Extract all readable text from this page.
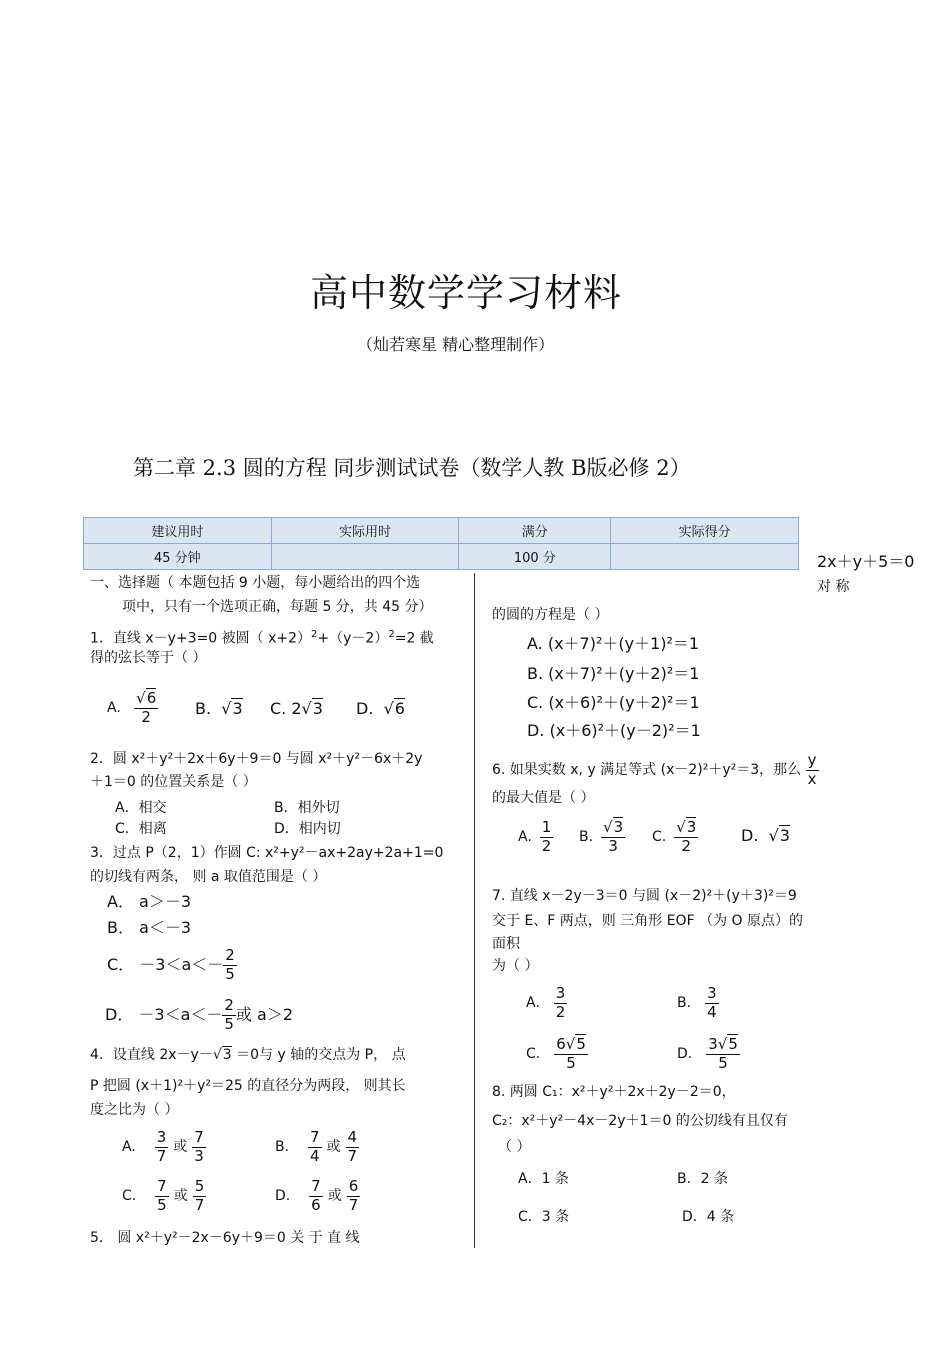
高中数学学习材料
（灿若寒星 精心整理制作）
第二章 2.3 圆的方程 同步测试试卷（数学人教 B版必修 2）
建议用时	实际用时	满分	实际得分
45 分钟		100 分	
一、选择题（ 本题包括 9 小题，每小题给出的四个选
项中，只有一个选项正确，每题 5 分，共 45 分）
1．直线 x－y+3=0 被圆（ $x+2)^2+(y-2)^2=2$ 截
得的弦长等于（ ）
A.
$\frac{√6}{2} B$.  √3 C. 2√3 D.  √6
2．圆 x²＋y²＋2x＋6y＋9＝0 与圆 x²＋y²－6x＋2y
＋1＝0 的位置关系是（ ）
A．相交	B．相外切
C．相离	D．相内切
3．过点 P（2，1）作圆 C: x²+y²－ax+2ay+2a+1=0
的切线有两条， 则 a 取值范围是（ ）
A． a＞－3
B． a＜－3
C． $-3<a<- \frac{2}{5}$
D． $-3<a<- \frac{2}{5}$ 或 a＞2
4．设直线 2x－y－√3 ＝0与 y 轴的交点为 P， 点
P 把圆 (x＋1)²＋y²＝25 的直径分为两段， 则其长
度之比为（ ）
A.
$\frac{3}{7}$ 或 $\frac{7}{3}$	B.
$\frac{7}{4}$ 或 $\frac{4}{7}$
C.
$\frac{7}{5}$ 或 $\frac{5}{7}$	D.
$\frac{7}{6}$ 或 $\frac{6}{7}$
5． 圆 x²＋y²－2x－6y＋9＝0 关 于 直 线
2x＋y＋5＝0
对 称
的圆的方程是（ ）
A. (x＋7)²＋(y＋1)²＝1
B. (x＋7)²＋(y＋2)²＝1
C. (x＋6)²＋(y＋2)²＝1
D. (x＋6)²＋(y－2)²＝1
6. 如果实数 x, y 满足等式 (x－2)²＋y²＝3，那么
$\frac{y}{x}$
的最大值是（ ）
A. $\frac{1}{2} B$. $\frac{√3}{3} C$. $\frac{√3}{2}$	D.  √3
7. 直线 x－2y－3＝0 与圆 (x－2)²＋(y＋3)²＝9
交于 E、F 两点，则 三角形 EOF （为 O 原点）的
面积
为（ ）
A. $\frac{3}{2}$	B. $\frac{3}{4}$
C. $\frac{6√5}{5}$	D. $\frac{3√5}{5}$
8. 两圆 C₁：x²＋y²＋2x＋2y－2＝0，
C₂：x²＋y²－4x－2y＋1＝0 的公切线有且仅有
（ ）
A．1 条	B．2 条
C．3 条	D．4 条
